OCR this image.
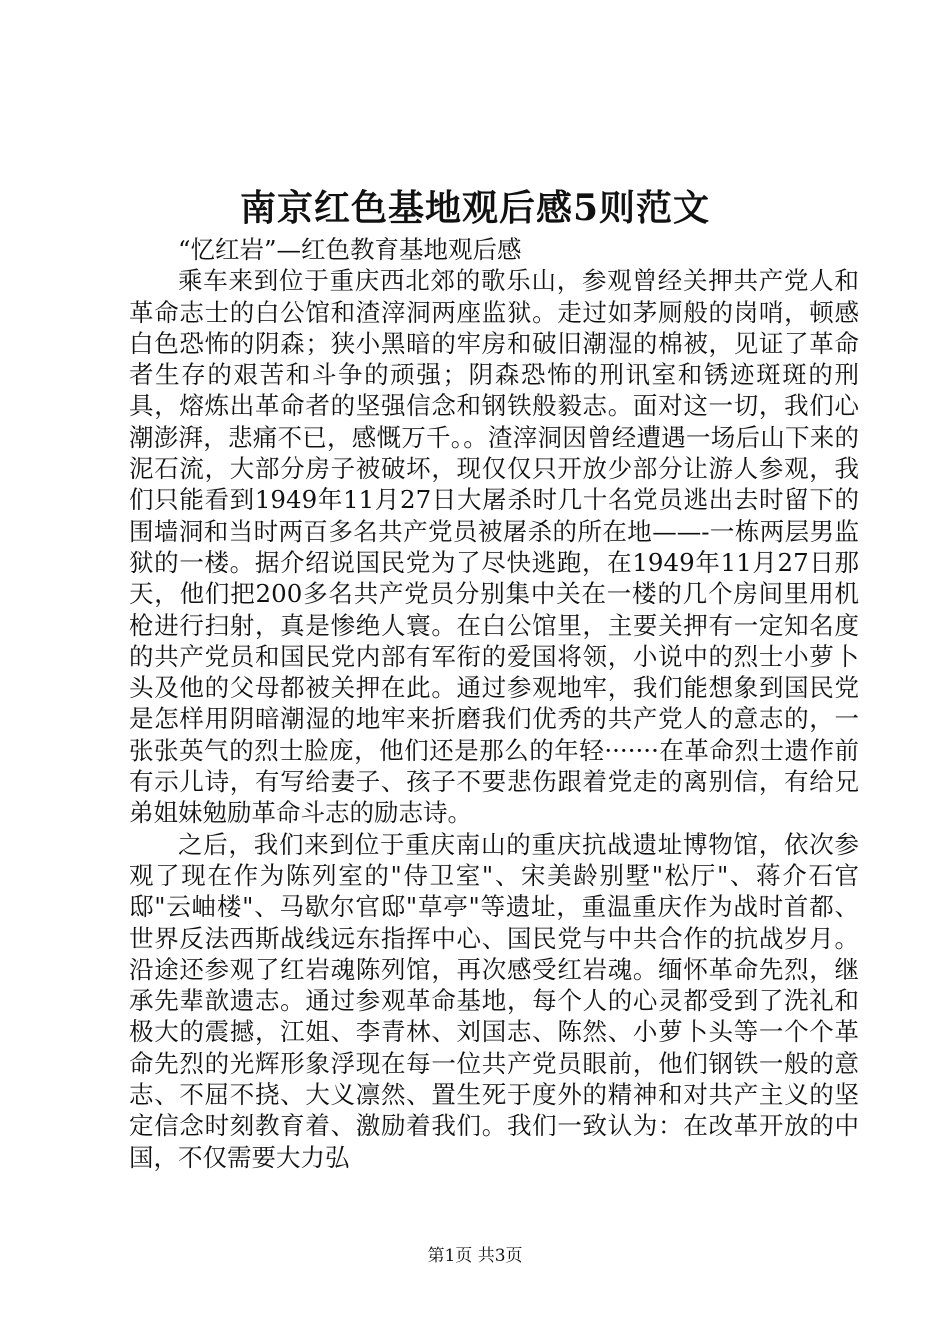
南京红色基地观后感5则范文

“忆红岩”—红色教育基地观后感

乘车来到位于重庆西北郊的歌乐山，参观曾经关押共产党人和革命志士的白公馆和渣滓洞两座监狱。走过如茅厕般的岗哨，顿感白色恐怖的阴森；狭小黑暗的牢房和破旧潮湿的棉被，见证了革命者生存的艰苦和斗争的顽强；阴森恐怖的刑讯室和锈迹斑斑的刑具，熔炼出革命者的坚强信念和钢铁般毅志。面对这一切，我们心潮澎湃，悲痛不已，感慨万千。。渣滓洞因曾经遭遇一场后山下来的泥石流，大部分房子被破坏，现仅仅只开放少部分让游人参观，我们只能看到1949年11月27日大屠杀时几十名党员逃出去时留下的围墙洞和当时两百多名共产党员被屠杀的所在地——-一栋两层男监狱的一楼。据介绍说国民党为了尽快逃跑，在1949年11月27日那天，他们把200多名共产党员分别集中关在一楼的几个房间里用机枪进行扫射，真是惨绝人寰。在白公馆里，主要关押有一定知名度的共产党员和国民党内部有军衔的爱国将领，小说中的烈士小萝卜头及他的父母都被关押在此。通过参观地牢，我们能想象到国民党是怎样用阴暗潮湿的地牢来折磨我们优秀的共产党人的意志的，一张张英气的烈士脸庞，他们还是那么的年轻·······在革命烈士遗作前有示儿诗，有写给妻子、孩子不要悲伤跟着党走的离别信，有给兄弟姐妹勉励革命斗志的励志诗。

之后，我们来到位于重庆南山的重庆抗战遗址博物馆，依次参观了现在作为陈列室的"侍卫室"、宋美龄别墅"松厅"、蒋介石官邸"云岫楼"、马歇尔官邸"草亭"等遗址，重温重庆作为战时首都、世界反法西斯战线远东指挥中心、国民党与中共合作的抗战岁月。沿途还参观了红岩魂陈列馆，再次感受红岩魂。缅怀革命先烈，继承先辈歆遗志。通过参观革命基地，每个人的心灵都受到了洗礼和极大的震撼，江姐、李青林、刘国志、陈然、小萝卜头等一个个革命先烈的光辉形象浮现在每一位共产党员眼前，他们钢铁一般的意志、不屈不挠、大义凛然、置生死于度外的精神和对共产主义的坚定信念时刻教育着、激励着我们。我们一致认为：在改革开放的中国，不仅需要大力弘

第1页 共3页
